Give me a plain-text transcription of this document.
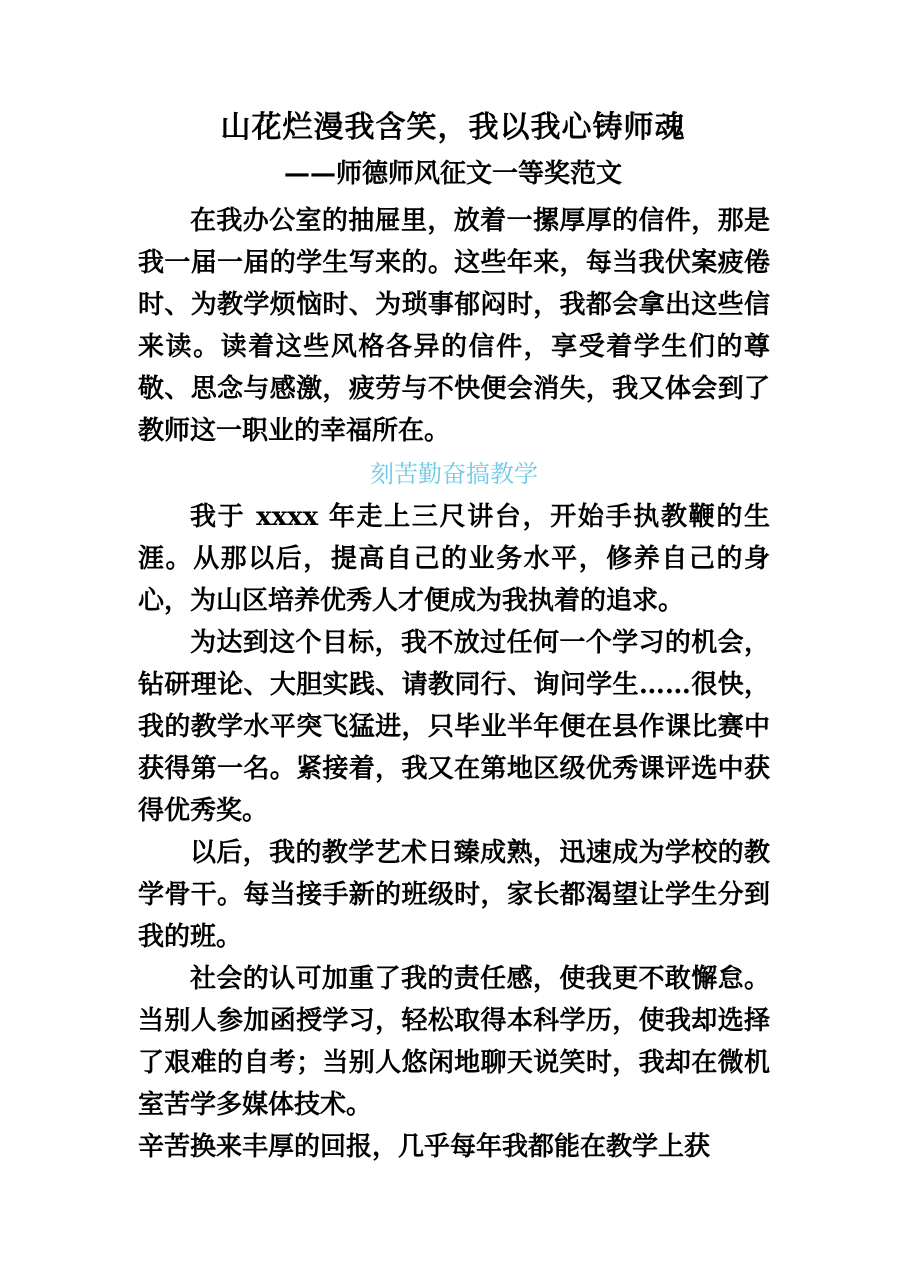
山花烂漫我含笑，我以我心铸师魂
——师德师风征文一等奖范文

在我办公室的抽屉里，放着一摞厚厚的信件，那是我一届一届的学生写来的。这些年来，每当我伏案疲倦时、为教学烦恼时、为琐事郁闷时，我都会拿出这些信来读。读着这些风格各异的信件，享受着学生们的尊敬、思念与感激，疲劳与不快便会消失，我又体会到了教师这一职业的幸福所在。

刻苦勤奋搞教学

我于 xxxx 年走上三尺讲台，开始手执教鞭的生涯。从那以后，提高自己的业务水平，修养自己的身心，为山区培养优秀人才便成为我执着的追求。

为达到这个目标，我不放过任何一个学习的机会，钻研理论、大胆实践、请教同行、询问学生……很快，我的教学水平突飞猛进，只毕业半年便在县作课比赛中获得第一名。紧接着，我又在第地区级优秀课评选中获得优秀奖。

以后，我的教学艺术日臻成熟，迅速成为学校的教学骨干。每当接手新的班级时，家长都渴望让学生分到我的班。

社会的认可加重了我的责任感，使我更不敢懈怠。当别人参加函授学习，轻松取得本科学历，使我却选择了艰难的自考；当别人悠闲地聊天说笑时，我却在微机室苦学多媒体技术。

辛苦换来丰厚的回报，几乎每年我都能在教学上获
